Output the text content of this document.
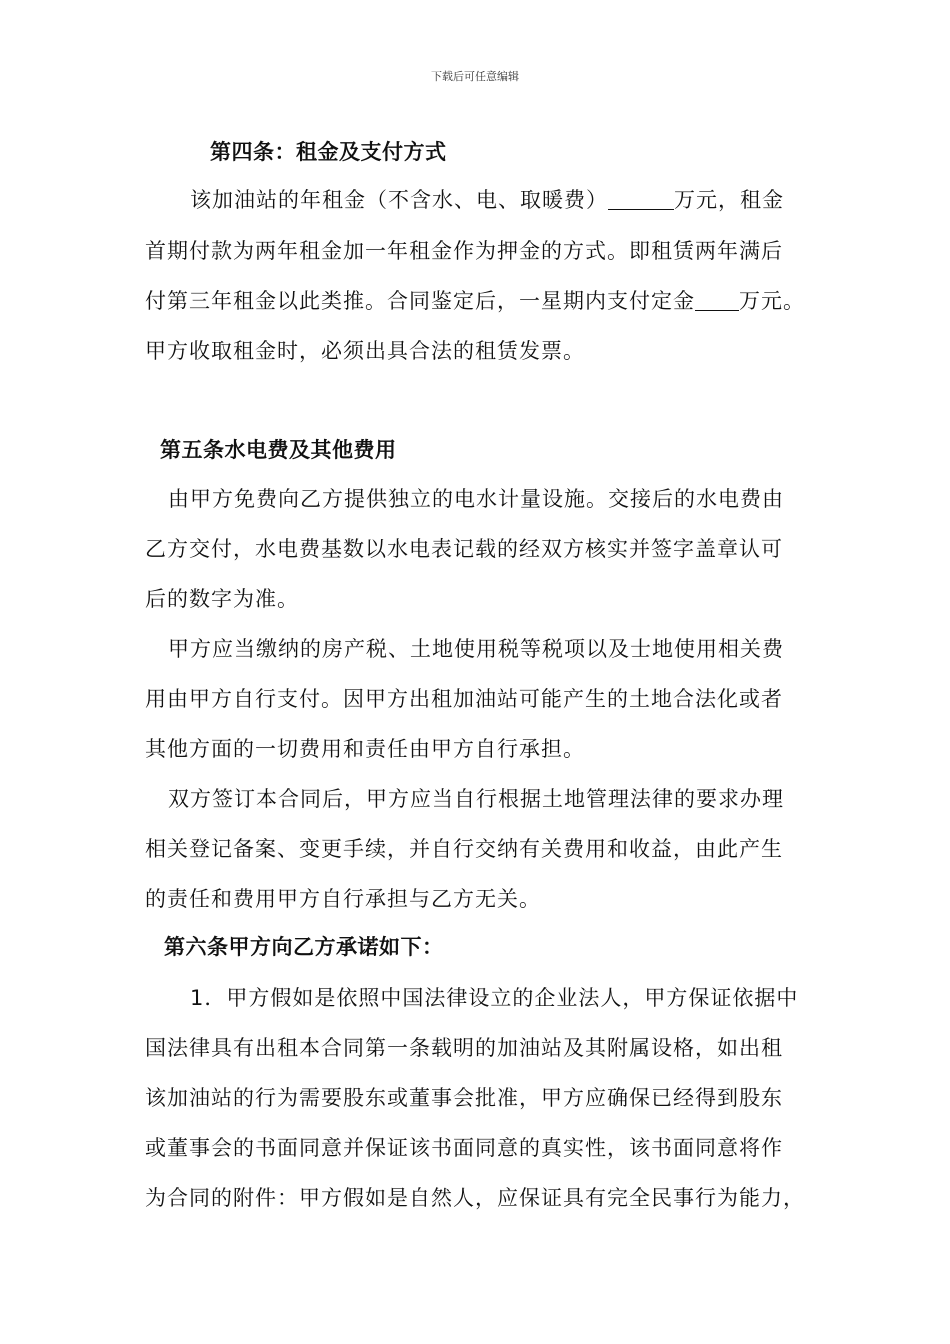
下载后可任意编辑
第四条：租金及支付方式
该加油站的年租金（不含水、电、取暖费）	万元，租金
首期付款为两年租金加一年租金作为押金的方式。即租赁两年满后
付第三年租金以此类推。合同鉴定后，一星期内支付定金 万元。
甲方收取租金时，必须出具合法的租赁发票。
第五条水电费及其他费用
由甲方免费向乙方提供独立的电水计量设施。交接后的水电费由
乙方交付，水电费基数以水电表记载的经双方核实并签字盖章认可
后的数字为准。
甲方应当缴纳的房产税、土地使用税等税项以及士地使用相关费
用由甲方自行支付。因甲方出租加油站可能产生的土地合法化或者
其他方面的一切费用和责任由甲方自行承担。
双方签订本合同后，甲方应当自行根据土地管理法律的要求办理
相关登记备案、变更手续，并自行交纳有关费用和收益，由此产生
的责任和费用甲方自行承担与乙方无关。
第六条甲方向乙方承诺如下：
1．甲方假如是依照中国法律设立的企业法人，甲方保证依据中
国法律具有出租本合同第一条载明的加油站及其附属设格，如出租
该加油站的行为需要股东或董事会批准，甲方应确保已经得到股东
或董事会的书面同意并保证该书面同意的真实性，该书面同意将作
为合同的附件：甲方假如是自然人，应保证具有完全民事行为能力，
